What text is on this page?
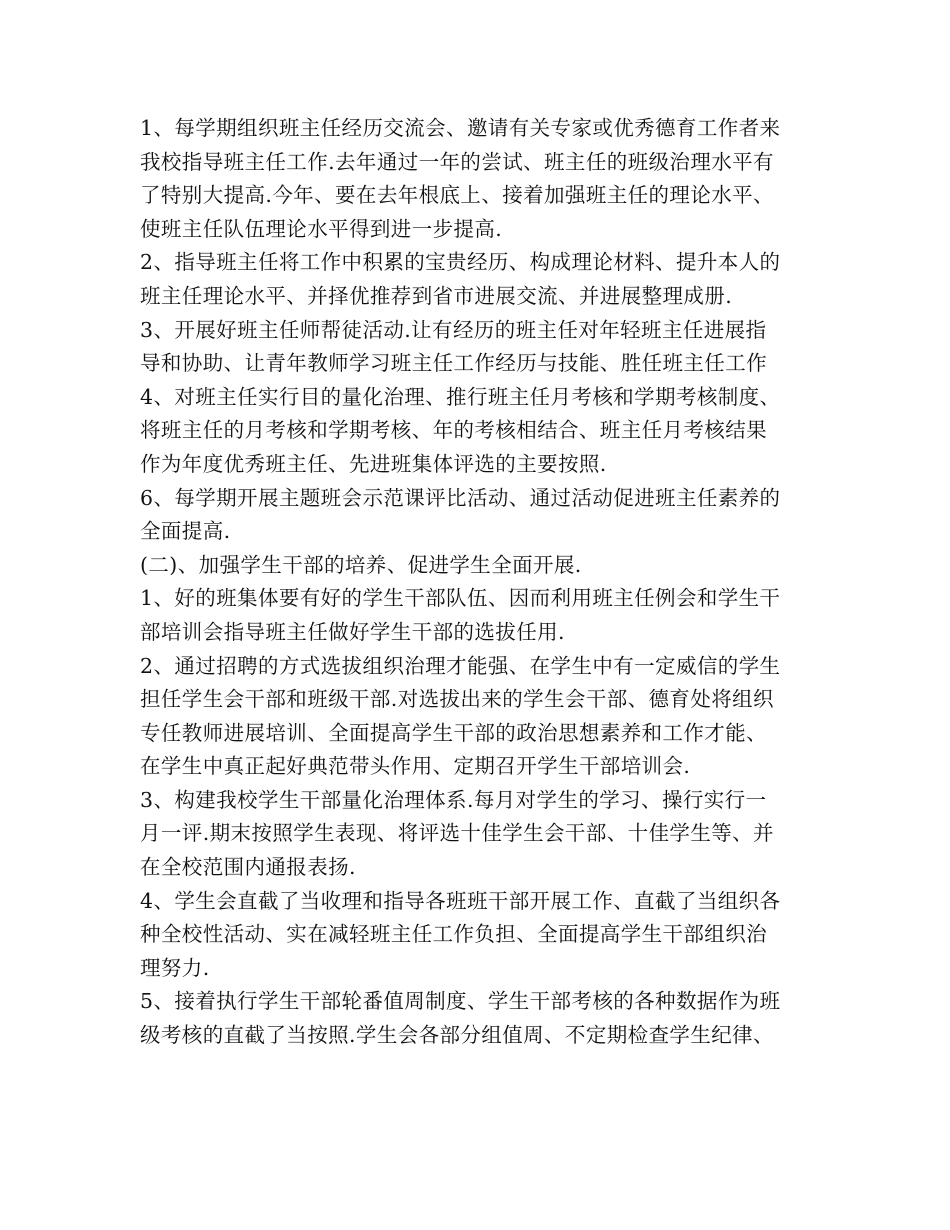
1、每学期组织班主任经历交流会、邀请有关专家或优秀德育工作者来
我校指导班主任工作.去年通过一年的尝试、班主任的班级治理水平有
了特别大提高.今年、要在去年根底上、接着加强班主任的理论水平、
使班主任队伍理论水平得到进一步提高.
2、指导班主任将工作中积累的宝贵经历、构成理论材料、提升本人的
班主任理论水平、并择优推荐到省市进展交流、并进展整理成册.
3、开展好班主任师帮徒活动.让有经历的班主任对年轻班主任进展指
导和协助、让青年教师学习班主任工作经历与技能、胜任班主任工作
4、对班主任实行目的量化治理、推行班主任月考核和学期考核制度、
将班主任的月考核和学期考核、年的考核相结合、班主任月考核结果
作为年度优秀班主任、先进班集体评选的主要按照.
6、每学期开展主题班会示范课评比活动、通过活动促进班主任素养的
全面提高.
(二)、加强学生干部的培养、促进学生全面开展.
1、好的班集体要有好的学生干部队伍、因而利用班主任例会和学生干
部培训会指导班主任做好学生干部的选拔任用.
2、通过招聘的方式选拔组织治理才能强、在学生中有一定威信的学生
担任学生会干部和班级干部.对选拔出来的学生会干部、德育处将组织
专任教师进展培训、全面提高学生干部的政治思想素养和工作才能、
在学生中真正起好典范带头作用、定期召开学生干部培训会.
3、构建我校学生干部量化治理体系.每月对学生的学习、操行实行一
月一评.期末按照学生表现、将评选十佳学生会干部、十佳学生等、并
在全校范围内通报表扬.
4、学生会直截了当收理和指导各班班干部开展工作、直截了当组织各
种全校性活动、实在减轻班主任工作负担、全面提高学生干部组织治
理努力.
5、接着执行学生干部轮番值周制度、学生干部考核的各种数据作为班
级考核的直截了当按照.学生会各部分组值周、不定期检查学生纪律、
